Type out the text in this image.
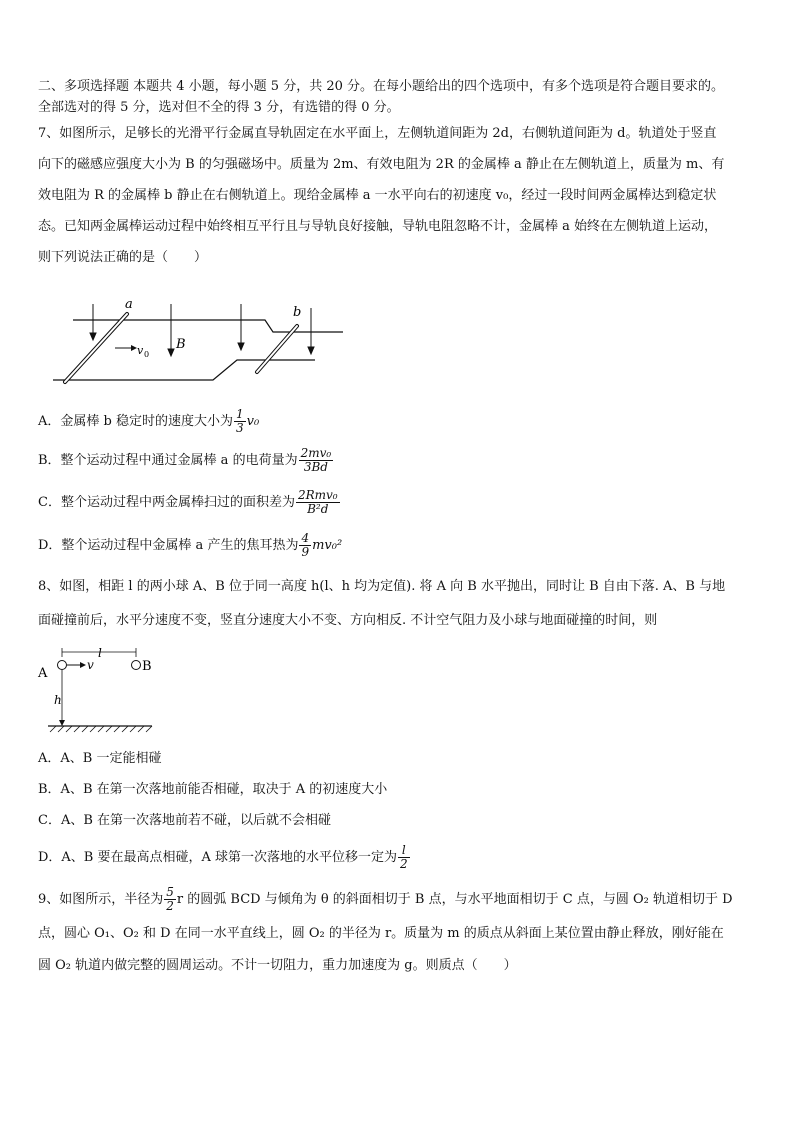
二、多项选择题 本题共 4 小题，每小题 5 分，共 20 分。在每小题给出的四个选项中，有多个选项是符合题目要求的。
全部选对的得 5 分，选对但不全的得 3 分，有选错的得 0 分。
7、如图所示，足够长的光滑平行金属直导轨固定在水平面上，左侧轨道间距为 2d，右侧轨道间距为 d。轨道处于竖直
向下的磁感应强度大小为 B 的匀强磁场中。质量为 2m、有效电阻为 2R 的金属棒 a 静止在左侧轨道上，质量为 m、有
效电阻为 R 的金属棒 b 静止在右侧轨道上。现给金属棒 a 一水平向右的初速度 v₀，经过一段时间两金属棒达到稳定状
态。已知两金属棒运动过程中始终相互平行且与导轨良好接触，导轨电阻忽略不计，金属棒 a 始终在左侧轨道上运动，
则下列说法正确的是（　　）
a
b
B
v 0
A．金属棒 b 稳定时的速度大小为 $\frac{1}{3} v_0$
B．整个运动过程中通过金属棒 a 的电荷量为 $\frac{\text{2mv₀}}{3Bd}$
C．整个运动过程中两金属棒扫过的面积差为 $\frac{\text{2Rmv₀}}{\text{B²d}}$
D．整个运动过程中金属棒 a 产生的焦耳热为 $\frac{4}{9} mv_0^2$
8、如图，相距 l 的两小球 A、B 位于同一高度 h(l、h 均为定值). 将 A 向 B 水平抛出，同时让 B 自由下落. A、B 与地
面碰撞前后，水平分速度不变，竖直分速度大小不变、方向相反. 不计空气阻力及小球与地面碰撞的时间，则
A	B
l
v
h
A．A、B 一定能相碰
B．A、B 在第一次落地前能否相碰，取决于 A 的初速度大小
C．A、B 在第一次落地前若不碰，以后就不会相碰
D．A、B 要在最高点相碰，A 球第一次落地的水平位移一定为 $\frac{l}{2}$
9、如图所示，半径为 $\frac{5}{2}$ r 的圆弧 BCD 与倾角为 θ 的斜面相切于 B 点，与水平地面相切于 C 点，与圆 O₂ 轨道相切于 D
点，圆心 O₁、O₂ 和 D 在同一水平直线上，圆 O₂ 的半径为 r。质量为 m 的质点从斜面上某位置由静止释放，刚好能在
圆 O₂ 轨道内做完整的圆周运动。不计一切阻力，重力加速度为 g。则质点（　　）
